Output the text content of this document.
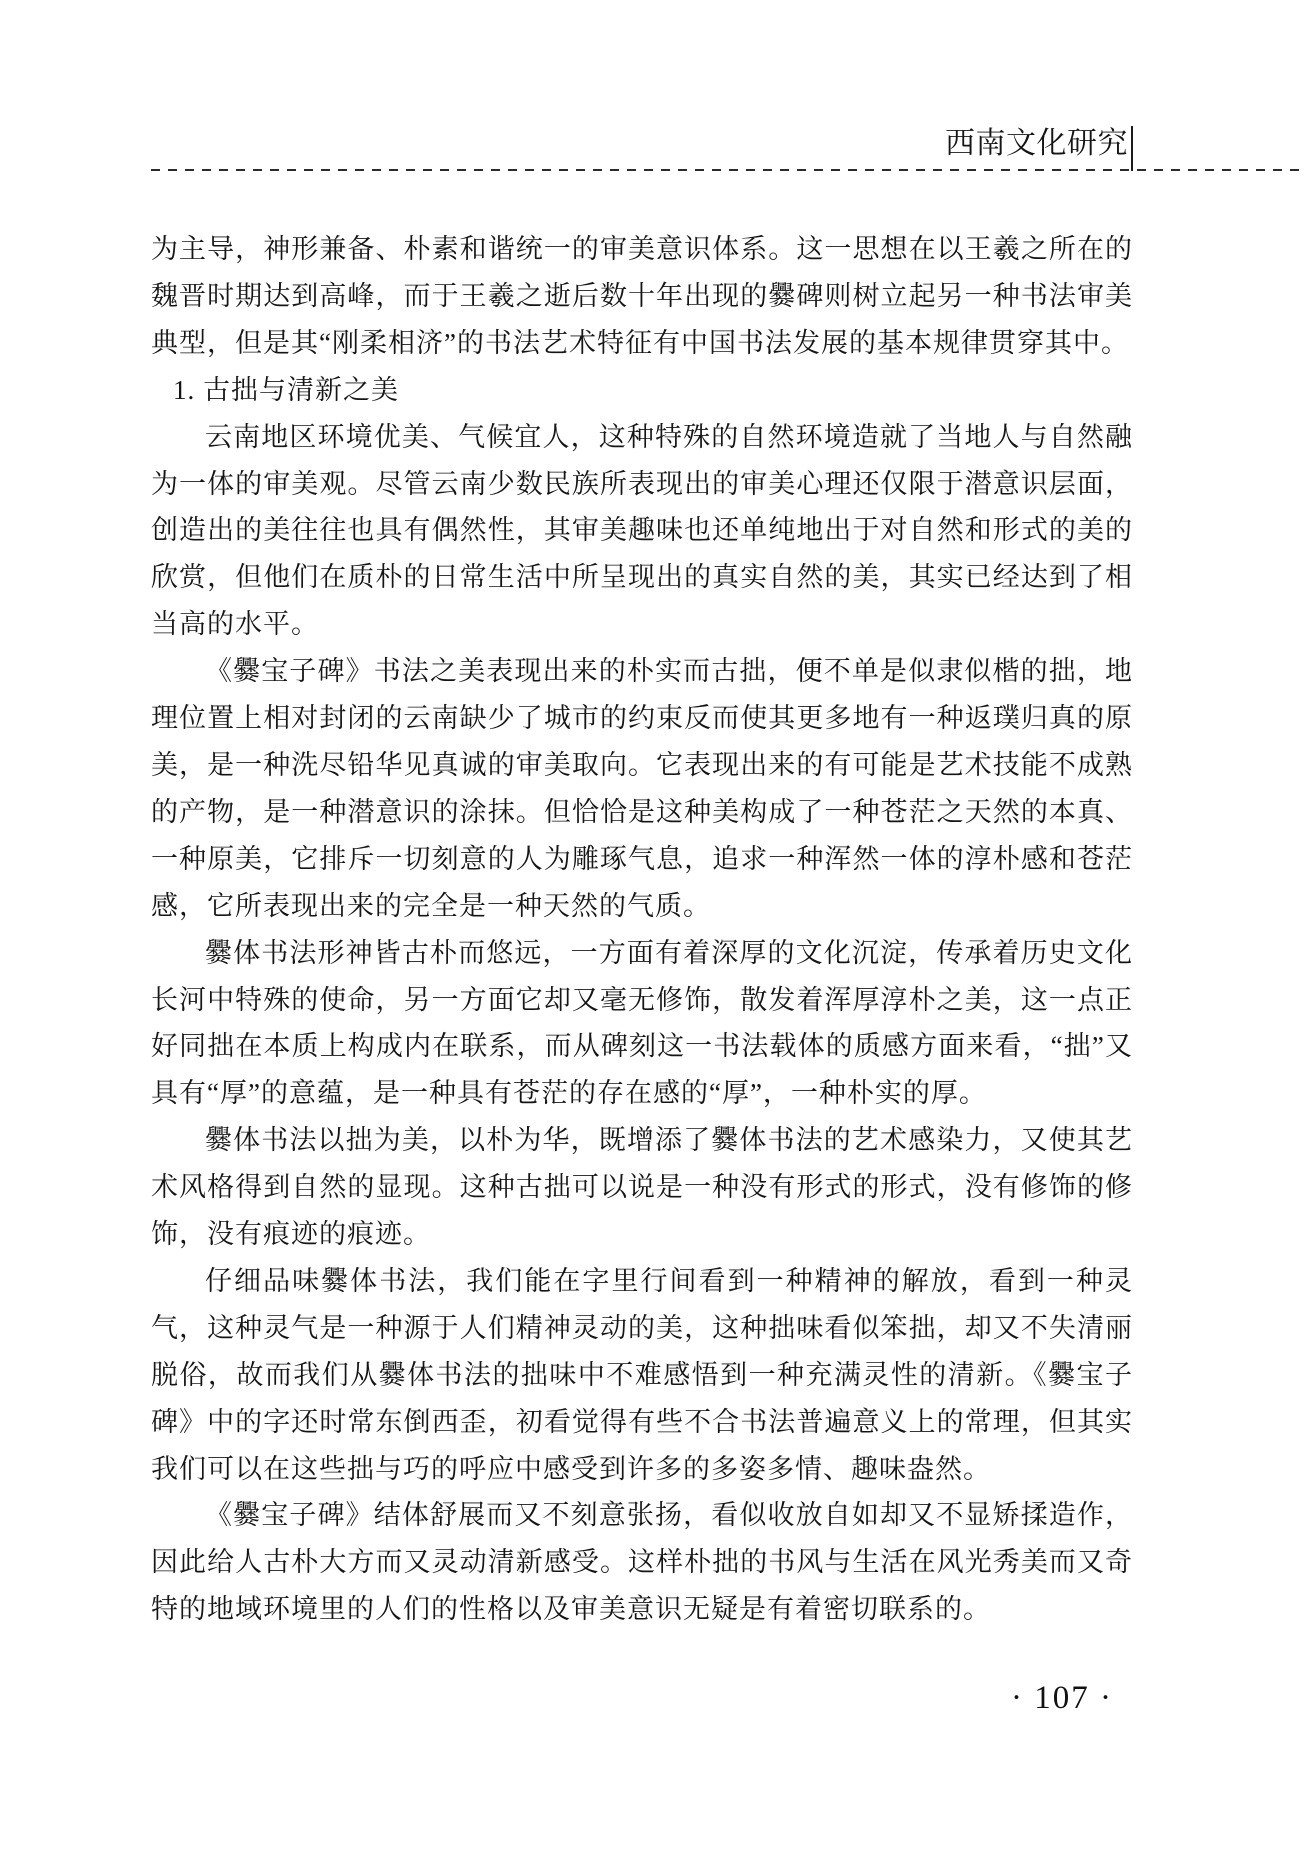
西南文化研究

为主导，神形兼备、朴素和谐统一的审美意识体系。这一思想在以王羲之所在的魏晋时期达到高峰，而于王羲之逝后数十年出现的爨碑则树立起另一种书法审美典型，但是其“刚柔相济”的书法艺术特征有中国书法发展的基本规律贯穿其中。

1. 古拙与清新之美

云南地区环境优美、气候宜人，这种特殊的自然环境造就了当地人与自然融为一体的审美观。尽管云南少数民族所表现出的审美心理还仅限于潜意识层面，创造出的美往往也具有偶然性，其审美趣味也还单纯地出于对自然和形式的美的欣赏，但他们在质朴的日常生活中所呈现出的真实自然的美，其实已经达到了相当高的水平。

《爨宝子碑》书法之美表现出来的朴实而古拙，便不单是似隶似楷的拙，地理位置上相对封闭的云南缺少了城市的约束反而使其更多地有一种返璞归真的原美，是一种洗尽铅华见真诚的审美取向。它表现出来的有可能是艺术技能不成熟的产物，是一种潜意识的涂抹。但恰恰是这种美构成了一种苍茫之天然的本真、一种原美，它排斥一切刻意的人为雕琢气息，追求一种浑然一体的淳朴感和苍茫感，它所表现出来的完全是一种天然的气质。

爨体书法形神皆古朴而悠远，一方面有着深厚的文化沉淀，传承着历史文化长河中特殊的使命，另一方面它却又毫无修饰，散发着浑厚淳朴之美，这一点正好同拙在本质上构成内在联系，而从碑刻这一书法载体的质感方面来看，“拙”又具有“厚”的意蕴，是一种具有苍茫的存在感的“厚”，一种朴实的厚。

爨体书法以拙为美，以朴为华，既增添了爨体书法的艺术感染力，又使其艺术风格得到自然的显现。这种古拙可以说是一种没有形式的形式，没有修饰的修饰，没有痕迹的痕迹。

仔细品味爨体书法，我们能在字里行间看到一种精神的解放，看到一种灵气，这种灵气是一种源于人们精神灵动的美，这种拙味看似笨拙，却又不失清丽脱俗，故而我们从爨体书法的拙味中不难感悟到一种充满灵性的清新。《爨宝子碑》中的字还时常东倒西歪，初看觉得有些不合书法普遍意义上的常理，但其实我们可以在这些拙与巧的呼应中感受到许多的多姿多情、趣味盎然。

《爨宝子碑》结体舒展而又不刻意张扬，看似收放自如却又不显矫揉造作，因此给人古朴大方而又灵动清新感受。这样朴拙的书风与生活在风光秀美而又奇特的地域环境里的人们的性格以及审美意识无疑是有着密切联系的。

· 107 ·
